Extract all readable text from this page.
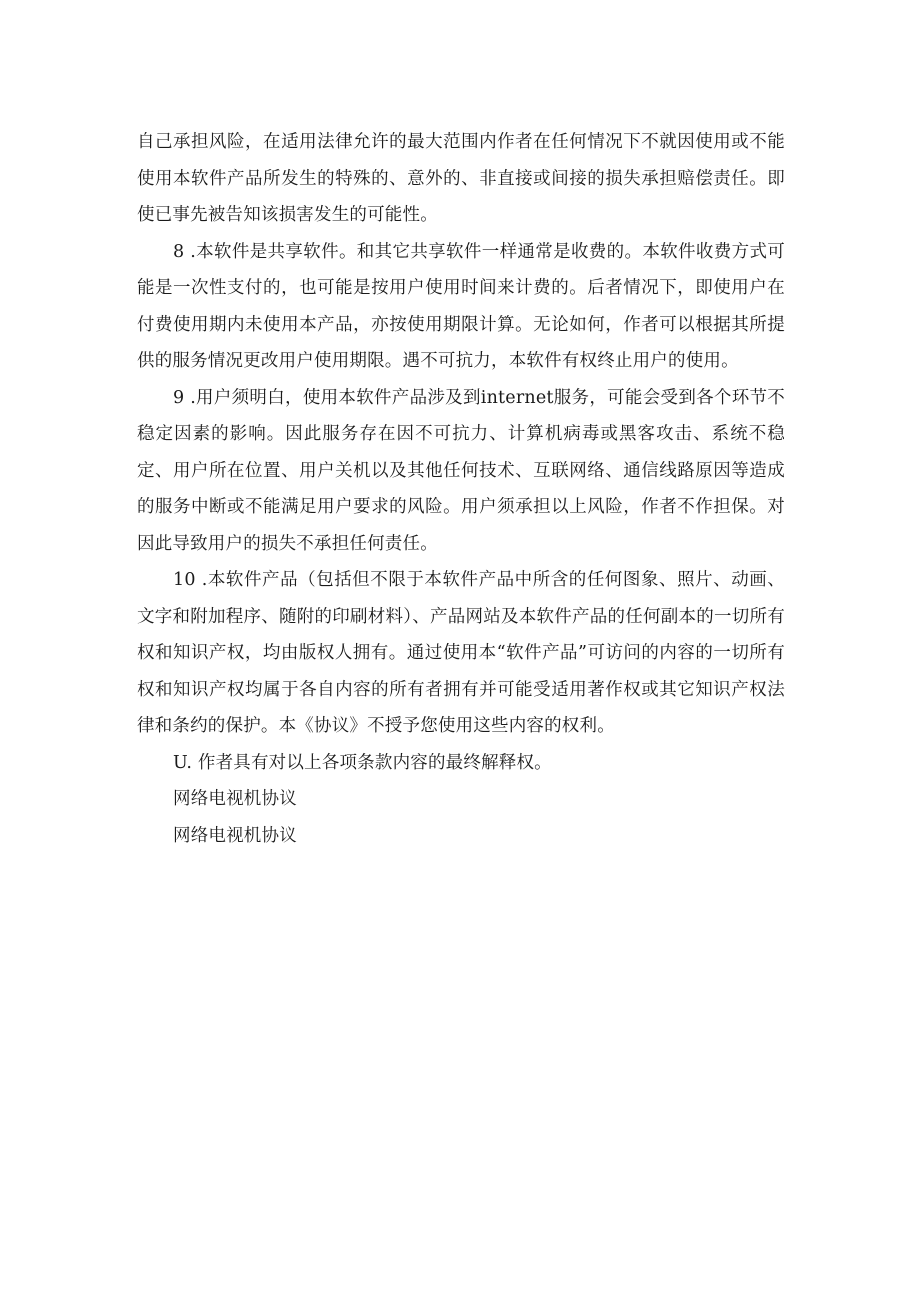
自己承担风险，在适用法律允许的最大范围内作者在任何情况下不就因使用或不能使用本软件产品所发生的特殊的、意外的、非直接或间接的损失承担赔偿责任。即使已事先被告知该损害发生的可能性。

8 .本软件是共享软件。和其它共享软件一样通常是收费的。本软件收费方式可能是一次性支付的，也可能是按用户使用时间来计费的。后者情况下，即使用户在付费使用期内未使用本产品，亦按使用期限计算。无论如何，作者可以根据其所提供的服务情况更改用户使用期限。遇不可抗力，本软件有权终止用户的使用。

9 .用户须明白，使用本软件产品涉及到internet服务，可能会受到各个环节不稳定因素的影响。因此服务存在因不可抗力、计算机病毒或黑客攻击、系统不稳定、用户所在位置、用户关机以及其他任何技术、互联网络、通信线路原因等造成的服务中断或不能满足用户要求的风险。用户须承担以上风险，作者不作担保。对因此导致用户的损失不承担任何责任。

10 .本软件产品（包括但不限于本软件产品中所含的任何图象、照片、动画、文字和附加程序、随附的印刷材料）、产品网站及本软件产品的任何副本的一切所有权和知识产权，均由版权人拥有。通过使用本“软件产品”可访问的内容的一切所有权和知识产权均属于各自内容的所有者拥有并可能受适用著作权或其它知识产权法律和条约的保护。本《协议》不授予您使用这些内容的权利。

U. 作者具有对以上各项条款内容的最终解释权。

网络电视机协议

网络电视机协议
